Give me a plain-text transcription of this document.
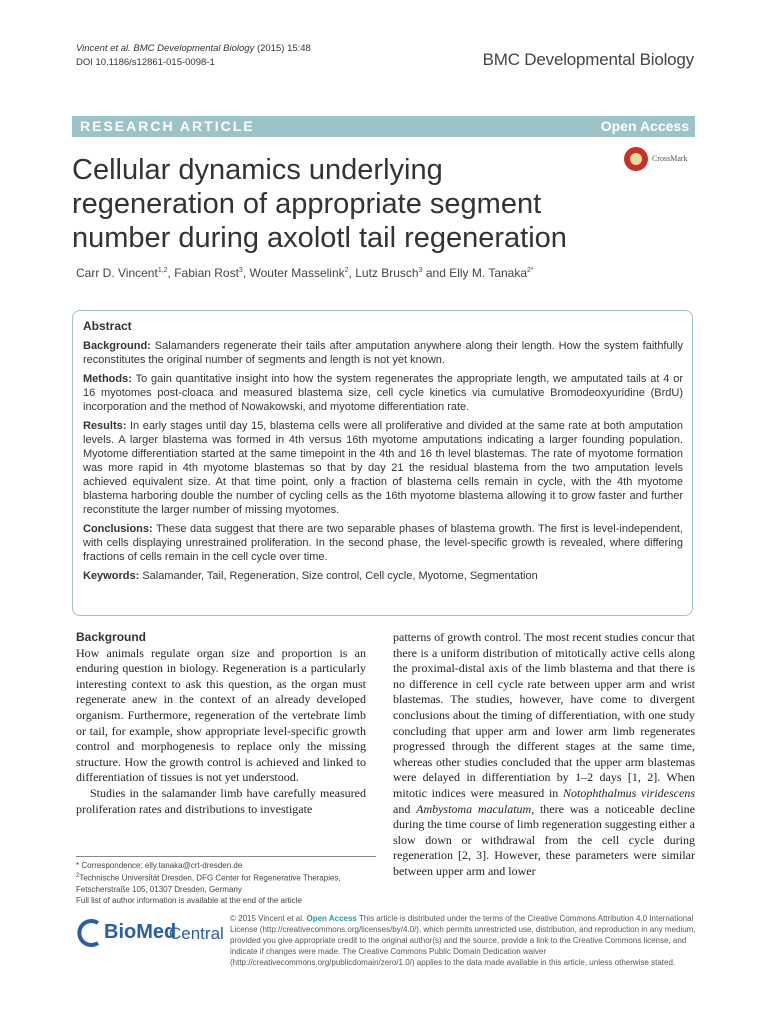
Vincent et al. BMC Developmental Biology (2015) 15:48
DOI 10.1186/s12861-015-0098-1	BMC Developmental Biology
RESEARCH ARTICLE	Open Access
Cellular dynamics underlying regeneration of appropriate segment number during axolotl tail regeneration
CrossMark
Carr D. Vincent$^{1,2}$, Fabian Rost$^3$, Wouter Masselink$^2$, Lutz Brusch$^3$ and Elly M. Tanaka$^{2*}$
Abstract

Background: Salamanders regenerate their tails after amputation anywhere along their length. How the system faithfully reconstitutes the original number of segments and length is not yet known.

Methods: To gain quantitative insight into how the system regenerates the appropriate length, we amputated tails at 4 or 16 myotomes post-cloaca and measured blastema size, cell cycle kinetics via cumulative Bromodeoxyuridine (BrdU) incorporation and the method of Nowakowski, and myotome differentiation rate.

Results: In early stages until day 15, blastema cells were all proliferative and divided at the same rate at both amputation levels. A larger blastema was formed in 4th versus 16th myotome amputations indicating a larger founding population. Myotome differentiation started at the same timepoint in the 4th and 16 th level blastemas. The rate of myotome formation was more rapid in 4th myotome blastemas so that by day 21 the residual blastema from the two amputation levels achieved equivalent size. At that time point, only a fraction of blastema cells remain in cycle, with the 4th myotome blastema harboring double the number of cycling cells as the 16th myotome blastema allowing it to grow faster and further reconstitute the larger number of missing myotomes.

Conclusions: These data suggest that there are two separable phases of blastema growth. The first is level-independent, with cells displaying unrestrained proliferation. In the second phase, the level-specific growth is revealed, where differing fractions of cells remain in the cell cycle over time.

Keywords: Salamander, Tail, Regeneration, Size control, Cell cycle, Myotome, Segmentation

Background

How animals regulate organ size and proportion is an enduring question in biology. Regeneration is a particularly interesting context to ask this question, as the organ must regenerate anew in the context of an already developed organism. Furthermore, regeneration of the vertebrate limb or tail, for example, show appropriate level-specific growth control and morphogenesis to replace only the missing structure. How the growth control is achieved and linked to differentiation of tissues is not yet understood.

Studies in the salamander limb have carefully measured proliferation rates and distributions to investigate

patterns of growth control. The most recent studies concur that there is a uniform distribution of mitotically active cells along the proximal-distal axis of the limb blastema and that there is no difference in cell cycle rate between upper arm and wrist blastemas. The studies, however, have come to divergent conclusions about the timing of differentiation, with one study concluding that upper arm and lower arm limb regenerates progressed through the different stages at the same time, whereas other studies concluded that the upper arm blastemas were delayed in differentiation by 1–2 days [1, 2]. When mitotic indices were measured in Notophthalmus viridescens and Ambystoma maculatum, there was a noticeable decline during the time course of limb regeneration suggesting either a slow down or withdrawal from the cell cycle during regeneration [2, 3]. However, these parameters were similar between upper arm and lower

* Correspondence: elly.tanaka@crt-dresden.de
$^2$Technische Universität Dresden, DFG Center for Regenerative Therapies, Fetscherstraße 105, 01307 Dresden, Germany
Full list of author information is available at the end of the article
BioMed
Central
© 2015 Vincent et al. Open Access This article is distributed under the terms of the Creative Commons Attribution 4.0 International License (http://creativecommons.org/licenses/by/4.0/), which permits unrestricted use, distribution, and reproduction in any medium, provided you give appropriate credit to the original author(s) and the source, provide a link to the Creative Commons license, and indicate if changes were made. The Creative Commons Public Domain Dedication waiver (http://creativecommons.org/publicdomain/zero/1.0/) applies to the data made available in this article, unless otherwise stated.
